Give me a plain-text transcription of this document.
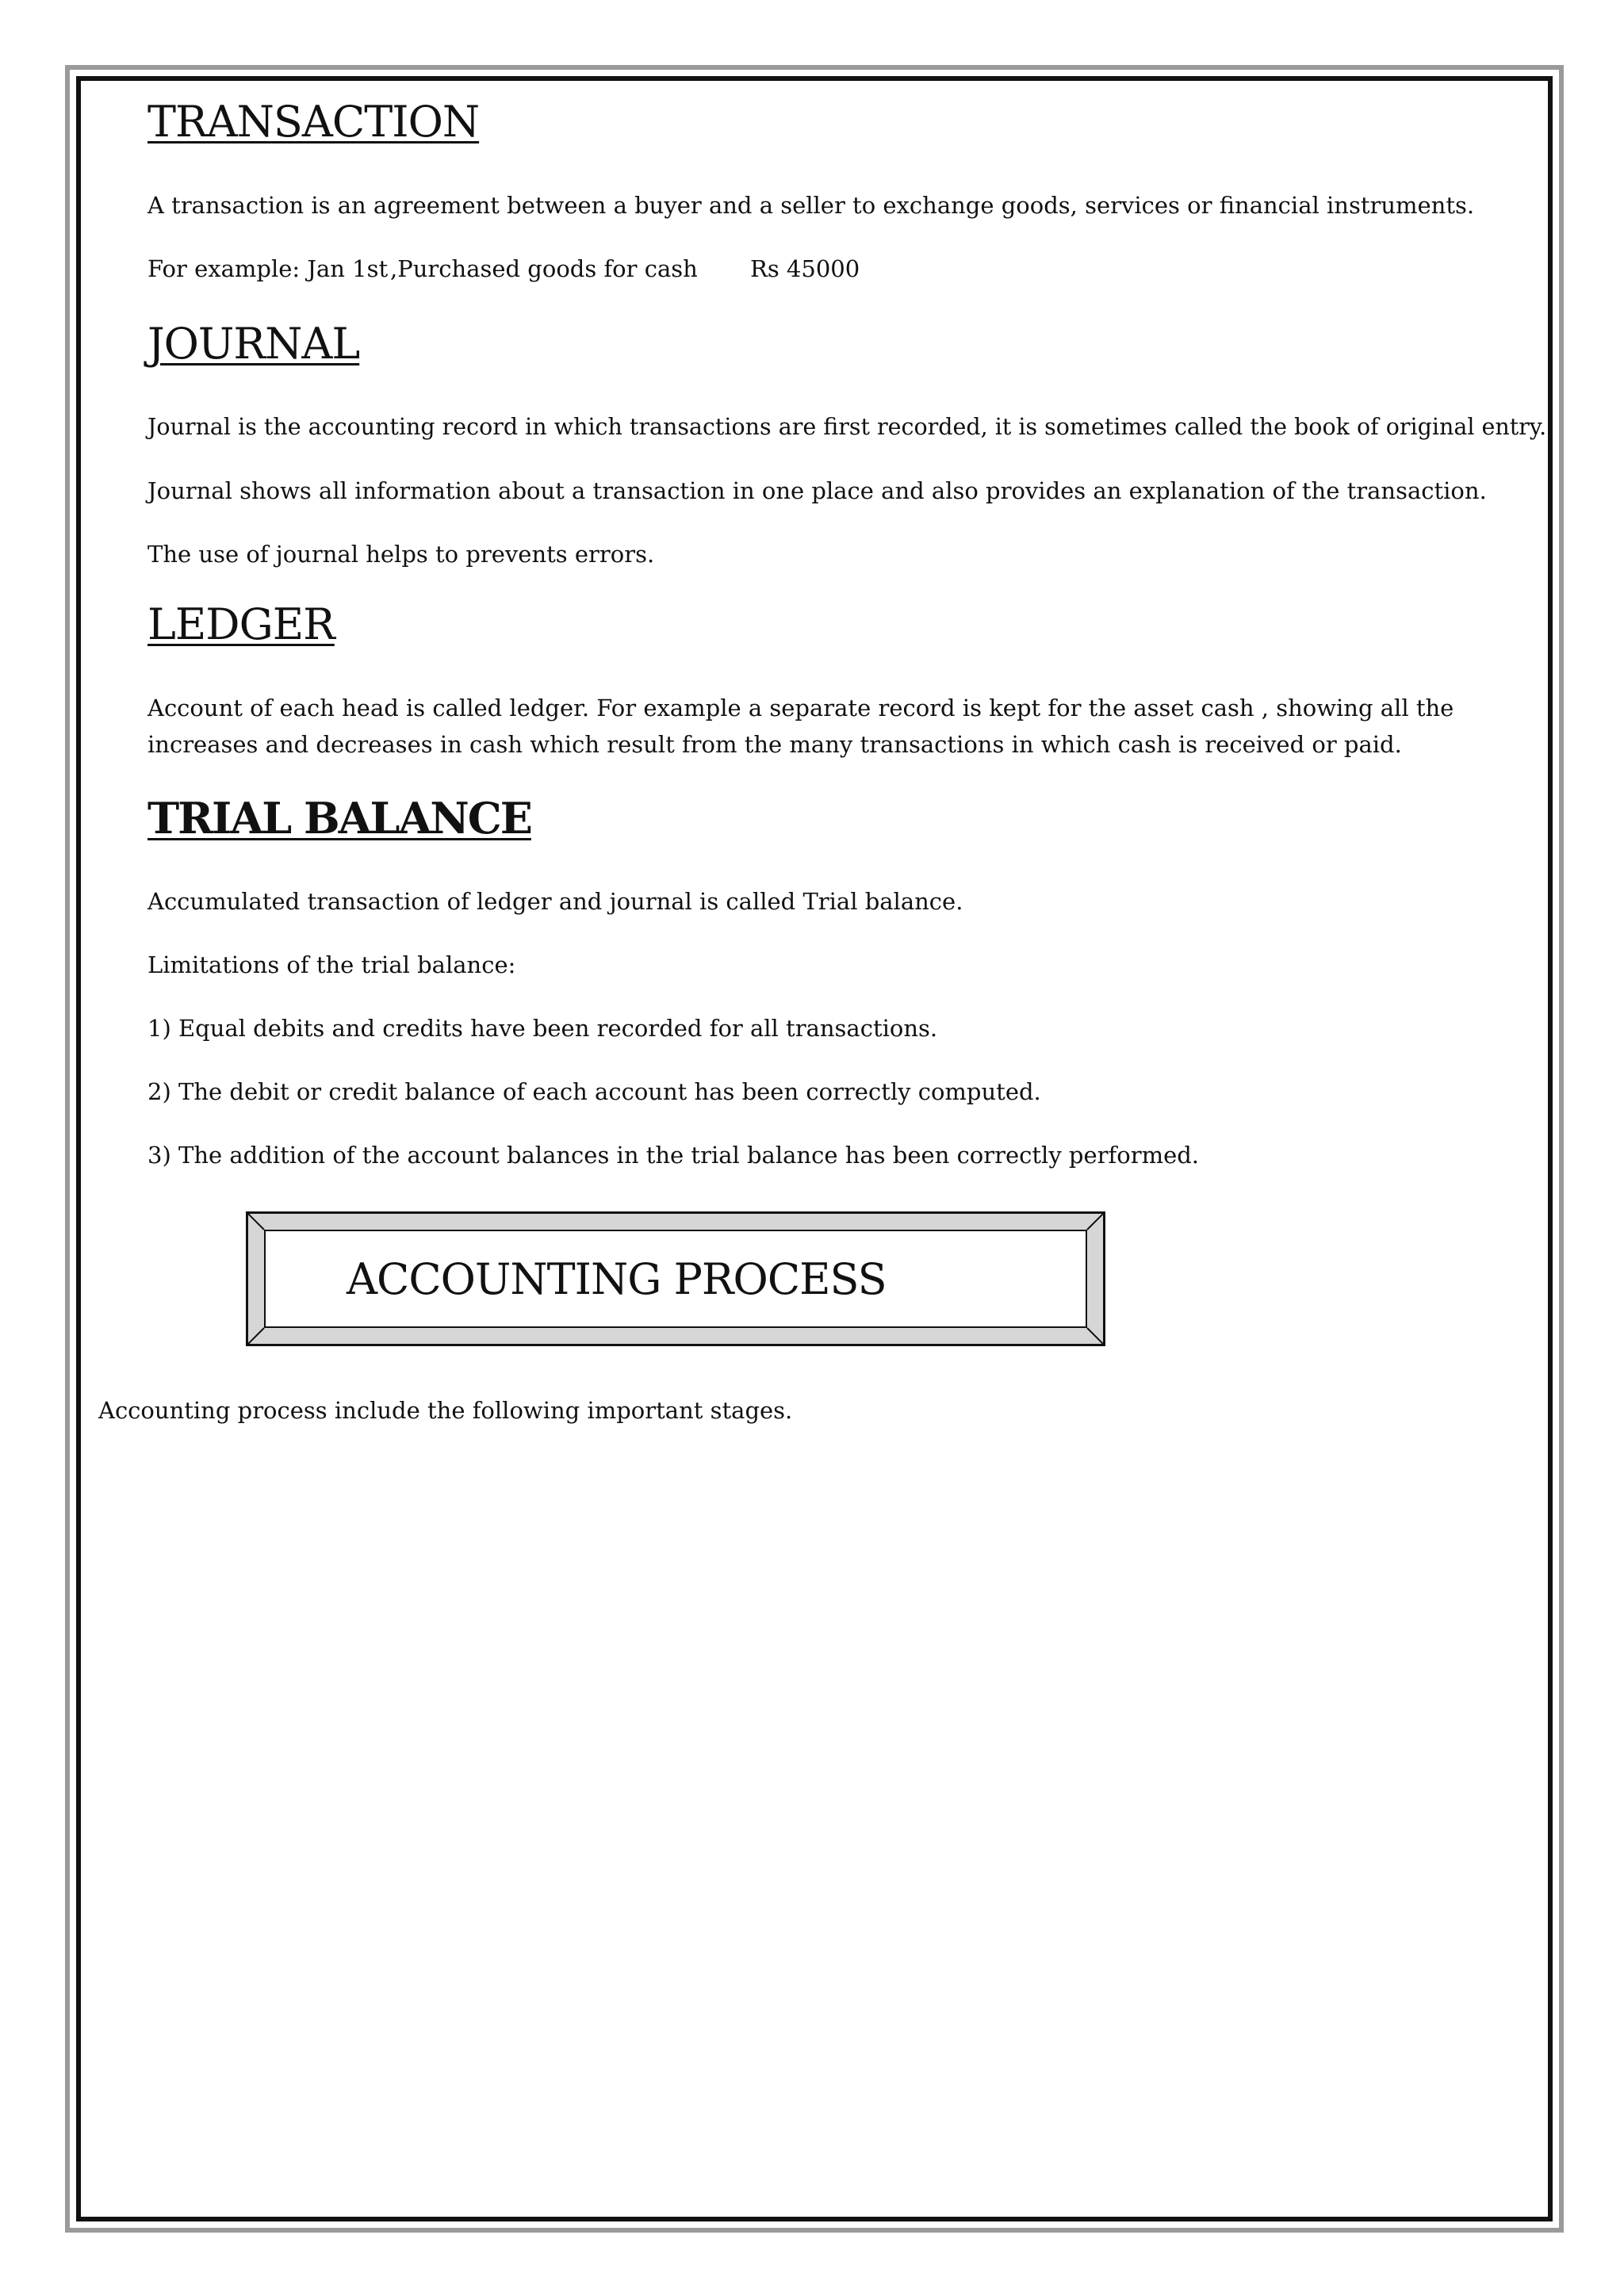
TRANSACTION

A transaction is an agreement between a buyer and a seller to exchange goods, services or financial instruments.

For example: Jan 1st ,Purchased goods for cash Rs 45000
JOURNAL

Journal is the accounting record in which transactions are first recorded, it is sometimes called the book of original entry.

Journal shows all information about a transaction in one place and also provides an explanation of the transaction.

The use of journal helps to prevents errors.

LEDGER

Account of each head is called ledger. For example a separate record is kept for the asset cash , showing all the increases and decreases in cash which result from the many transactions in which cash is received or paid.

TRIAL BALANCE

Accumulated transaction of ledger and journal is called Trial balance.

Limitations of the trial balance:

1) Equal debits and credits have been recorded for all transactions.

2) The debit or credit balance of each account has been correctly computed.

3) The addition of the account balances in the trial balance has been correctly performed.

ACCOUNTING PROCESS

Accounting process include the following important stages.
